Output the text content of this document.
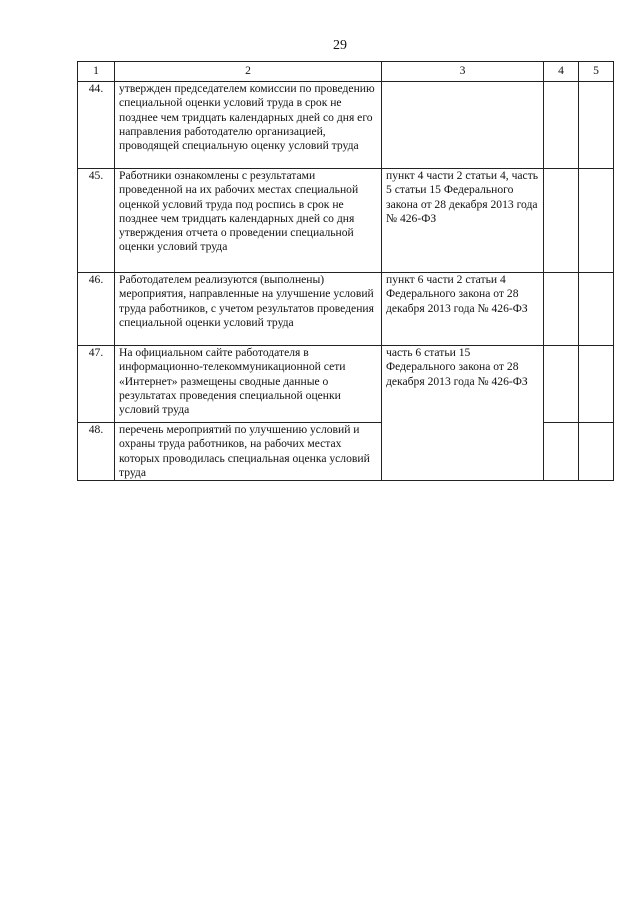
29
1	2	3	4	5
44.	утвержден председателем комиссии по проведению специальной оценки условий труда в срок не позднее чем тридцать календарных дней со дня его направления работодателю организацией, проводящей специальную оценку условий труда			
45.	Работники ознакомлены с результатами проведенной на их рабочих местах специальной оценкой условий труда под роспись в срок не позднее чем тридцать календарных дней со дня утверждения отчета о проведении специальной оценки условий труда	пункт 4 части 2 статьи 4, часть 5 статьи 15 Федерального закона от 28 декабря 2013 года № 426-ФЗ		
46.	Работодателем реализуются (выполнены) мероприятия, направленные на улучшение условий труда работников, с учетом результатов проведения специальной оценки условий труда	пункт 6 части 2 статьи 4 Федерального закона от 28 декабря 2013 года № 426-ФЗ		
47.	На официальном сайте работодателя в информационно-телекоммуникационной сети «Интернет» размещены сводные данные о результатах проведения специальной оценки условий труда	часть 6 статьи 15 Федерального закона от 28 декабря 2013 года № 426-ФЗ		
48.	перечень мероприятий по улучшению условий и охраны труда работников, на рабочих местах которых проводилась специальная оценка условий труда			
